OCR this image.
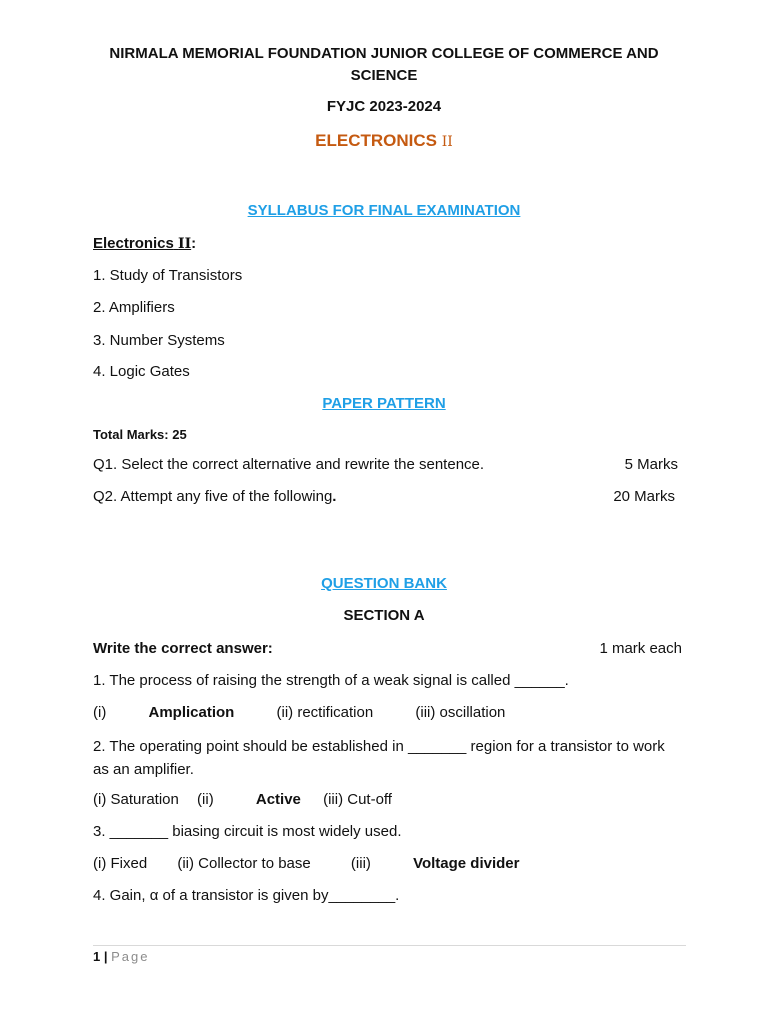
NIRMALA MEMORIAL FOUNDATION JUNIOR COLLEGE OF COMMERCE AND SCIENCE
FYJC 2023-2024
ELECTRONICS II
SYLLABUS FOR FINAL EXAMINATION
Electronics II:
1. Study of Transistors
2. Amplifiers
3. Number Systems
4. Logic Gates
PAPER PATTERN
Total Marks: 25
Q1. Select the correct alternative and rewrite the sentence.	5 Marks
Q2. Attempt any five of the following.	20 Marks
QUESTION BANK
SECTION A
Write the correct answer:	1 mark each
1. The process of raising the strength of a weak signal is called ______.
(i)	Amplication	(ii) rectification	(iii) oscillation
2. The operating point should be established in _______ region for a transistor to work as an amplifier.
(i) Saturation (ii)	Active (iii) Cut-off
3. _______ biasing circuit is most widely used.
(i) Fixed (ii) Collector to base	(iii)	Voltage divider
4. Gain, α of a transistor is given by________.
1 | Page
